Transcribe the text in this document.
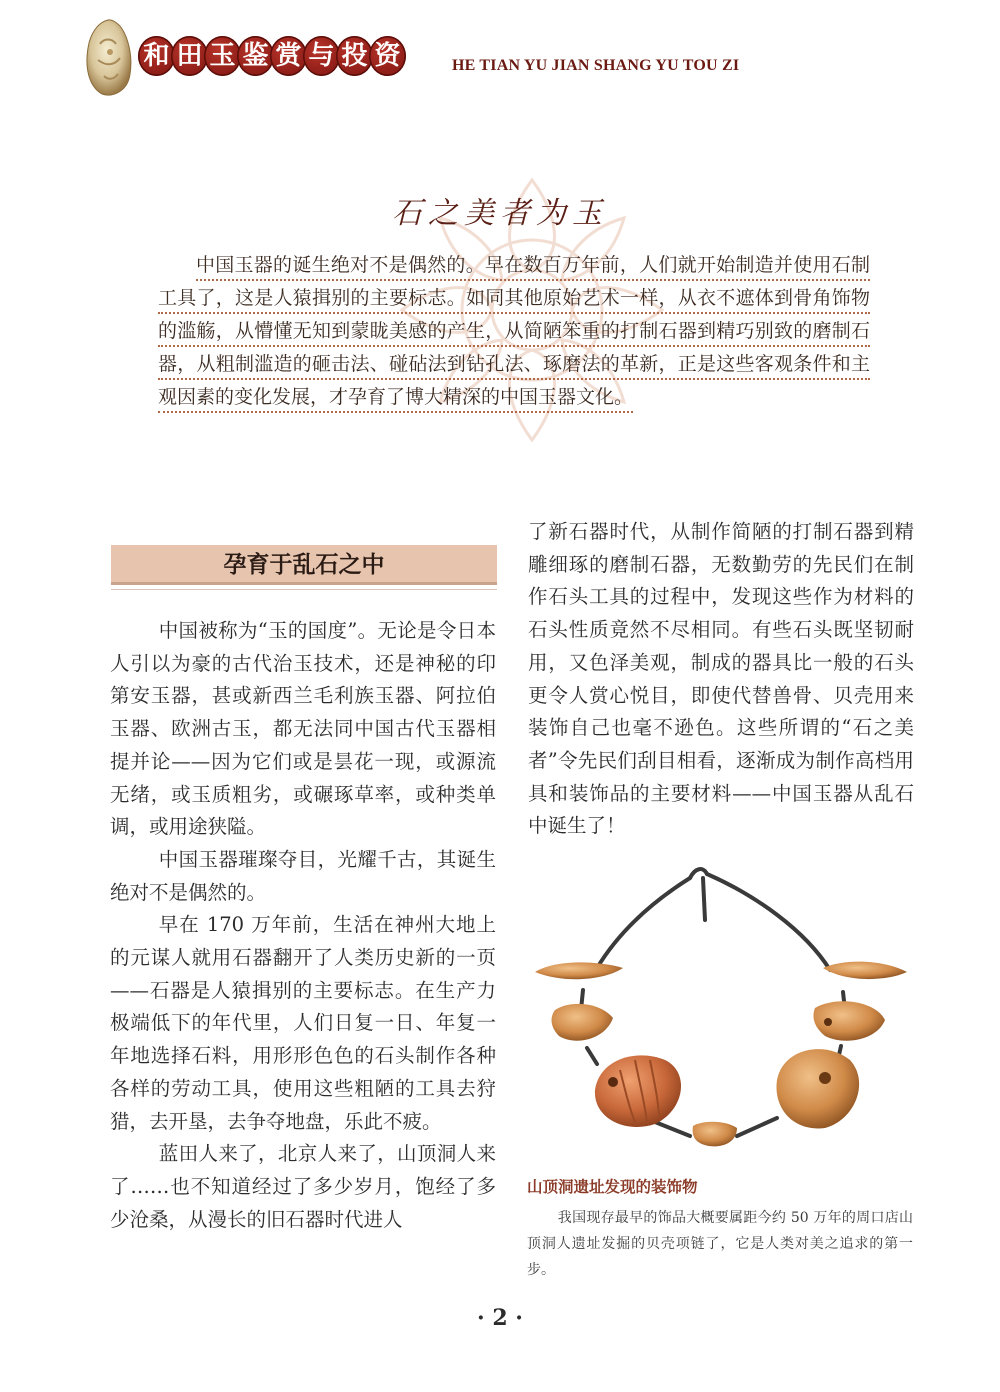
和 田 玉 鉴 赏 与 投 资	HE TIAN YU JIAN SHANG YU TOU ZI
石之美者为玉

中国玉器的诞生绝对不是偶然的。早在数百万年前，人们就开始制造并使用石制工具了，这是人猿揖别的主要标志。如同其他原始艺术一样，从衣不遮体到骨角饰物的滥觞，从懵懂无知到蒙眬美感的产生，从简陋笨重的打制石器到精巧别致的磨制石器，从粗制滥造的砸击法、碰砧法到钻孔法、琢磨法的革新，正是这些客观条件和主观因素的变化发展，才孕育了博大精深的中国玉器文化。

孕育于乱石之中

中国被称为“玉的国度”。无论是令日本人引以为豪的古代治玉技术，还是神秘的印第安玉器，甚或新西兰毛利族玉器、阿拉伯玉器、欧洲古玉，都无法同中国古代玉器相提并论——因为它们或是昙花一现，或源流无绪，或玉质粗劣，或碾琢草率，或种类单调，或用途狭隘。

中国玉器璀璨夺目，光耀千古，其诞生绝对不是偶然的。

早在 170 万年前，生活在神州大地上的元谋人就用石器翻开了人类历史新的一页——石器是人猿揖别的主要标志。在生产力极端低下的年代里，人们日复一日、年复一年地选择石料，用形形色色的石头制作各种各样的劳动工具，使用这些粗陋的工具去狩猎，去开垦，去争夺地盘，乐此不疲。

蓝田人来了，北京人来了，山顶洞人来了……也不知道经过了多少岁月，饱经了多少沧桑，从漫长的旧石器时代进人

了新石器时代，从制作简陋的打制石器到精雕细琢的磨制石器，无数勤劳的先民们在制作石头工具的过程中，发现这些作为材料的石头性质竟然不尽相同。有些石头既坚韧耐用，又色泽美观，制成的器具比一般的石头更令人赏心悦目，即使代替兽骨、贝壳用来装饰自己也毫不逊色。这些所谓的“石之美者”令先民们刮目相看，逐渐成为制作高档用具和装饰品的主要材料——中国玉器从乱石中诞生了！

山顶洞遗址发现的装饰物

我国现存最早的饰品大概要属距今约 50 万年的周口店山顶洞人遗址发掘的贝壳项链了，它是人类对美之追求的第一步。

· 2 ·
